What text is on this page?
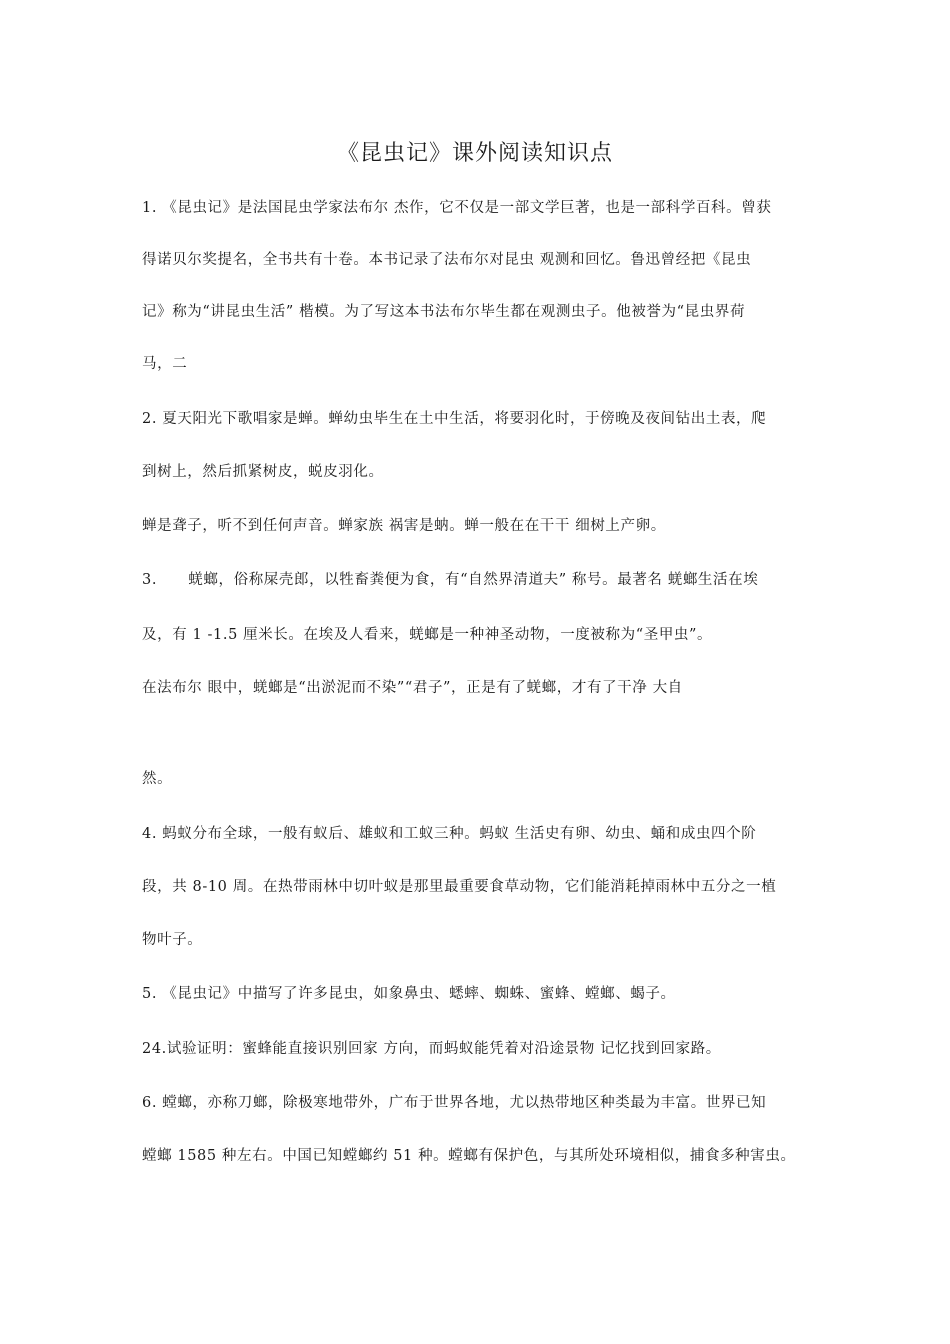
《昆虫记》课外阅读知识点
1. 《昆虫记》是法国昆虫学家法布尔 杰作，它不仅是一部文学巨著，也是一部科学百科。曾获
得诺贝尔奖提名，全书共有十卷。本书记录了法布尔对昆虫 观测和回忆。鲁迅曾经把《昆虫
记》称为“讲昆虫生活” 楷模。为了写这本书法布尔毕生都在观测虫子。他被誉为“昆虫界荷
马，二
2. 夏天阳光下歌唱家是蝉。蝉幼虫毕生在土中生活，将要羽化时，于傍晚及夜间钻出土表，爬
到树上，然后抓紧树皮，蜕皮羽化。
蝉是聋子，听不到任何声音。蝉家族 祸害是蚋。蝉一般在在干干 细树上产卵。
3.      蜣螂，俗称屎壳郎，以牲畜粪便为食，有“自然界清道夫” 称号。最著名 蜣螂生活在埃
及，有 1 -1.5 厘米长。在埃及人看来，蜣螂是一种神圣动物，一度被称为“圣甲虫”。
在法布尔 眼中，蜣螂是“出淤泥而不染”“君子”，正是有了蜣螂，才有了干净 大自
然。
4. 蚂蚁分布全球，一般有蚁后、雄蚁和工蚁三种。蚂蚁 生活史有卵、幼虫、蛹和成虫四个阶
段，共 8-10 周。在热带雨林中切叶蚁是那里最重要食草动物，它们能消耗掉雨林中五分之一植
物叶子。
5. 《昆虫记》中描写了许多昆虫，如象鼻虫、蟋蟀、蜘蛛、蜜蜂、螳螂、蝎子。
24.试验证明：蜜蜂能直接识别回家 方向，而蚂蚁能凭着对沿途景物 记忆找到回家路。
6. 螳螂，亦称刀螂，除极寒地带外，广布于世界各地，尤以热带地区种类最为丰富。世界已知
螳螂 1585 种左右。中国已知螳螂约 51 种。螳螂有保护色，与其所处环境相似，捕食多种害虫。
